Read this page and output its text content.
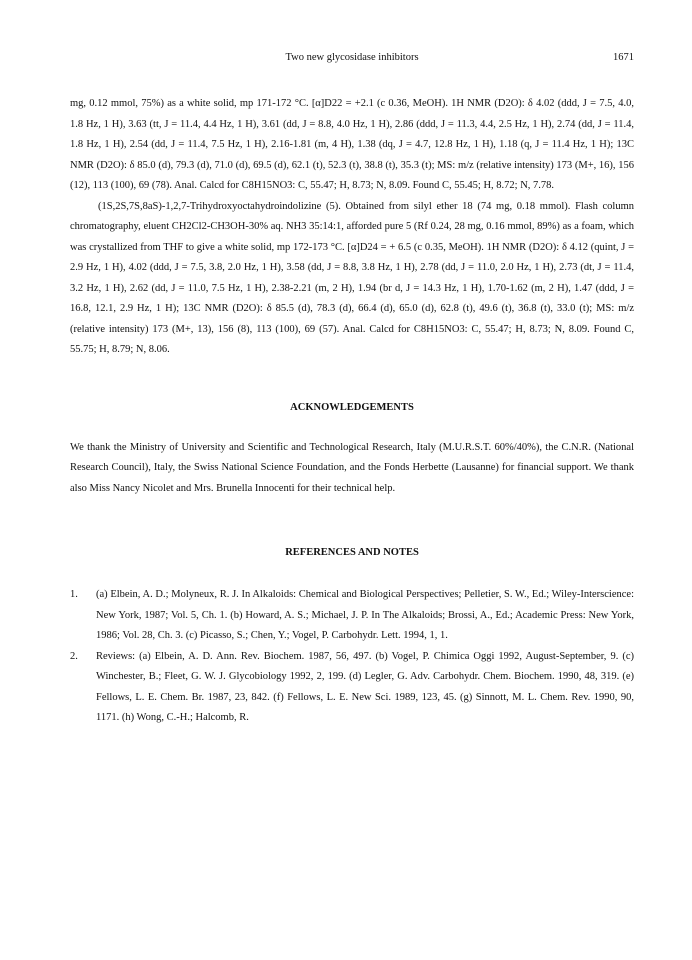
Two new glycosidase inhibitors	1671

mg, 0.12 mmol, 75%) as a white solid, mp 171-172 °C. [α]D22 = +2.1 (c 0.36, MeOH). 1H NMR (D2O): δ 4.02 (ddd, J = 7.5, 4.0, 1.8 Hz, 1 H), 3.63 (tt, J = 11.4, 4.4 Hz, 1 H), 3.61 (dd, J = 8.8, 4.0 Hz, 1 H), 2.86 (ddd, J = 11.3, 4.4, 2.5 Hz, 1 H), 2.74 (dd, J = 11.4, 1.8 Hz, 1 H), 2.54 (dd, J = 11.4, 7.5 Hz, 1 H), 2.16-1.81 (m, 4 H), 1.38 (dq, J = 4.7, 12.8 Hz, 1 H), 1.18 (q, J = 11.4 Hz, 1 H); 13C NMR (D2O): δ 85.0 (d), 79.3 (d), 71.0 (d), 69.5 (d), 62.1 (t), 52.3 (t), 38.8 (t), 35.3 (t); MS: m/z (relative intensity) 173 (M+, 16), 156 (12), 113 (100), 69 (78). Anal. Calcd for C8H15NO3: C, 55.47; H, 8.73; N, 8.09. Found C, 55.45; H, 8.72; N, 7.78.

(1S,2S,7S,8aS)-1,2,7-Trihydroxyoctahydroindolizine (5). Obtained from silyl ether 18 (74 mg, 0.18 mmol). Flash column chromatography, eluent CH2Cl2-CH3OH-30% aq. NH3 35:14:1, afforded pure 5 (Rf 0.24, 28 mg, 0.16 mmol, 89%) as a foam, which was crystallized from THF to give a white solid, mp 172-173 °C. [α]D24 = + 6.5 (c 0.35, MeOH). 1H NMR (D2O): δ 4.12 (quint, J = 2.9 Hz, 1 H), 4.02 (ddd, J = 7.5, 3.8, 2.0 Hz, 1 H), 3.58 (dd, J = 8.8, 3.8 Hz, 1 H), 2.78 (dd, J = 11.0, 2.0 Hz, 1 H), 2.73 (dt, J = 11.4, 3.2 Hz, 1 H), 2.62 (dd, J = 11.0, 7.5 Hz, 1 H), 2.38-2.21 (m, 2 H), 1.94 (br d, J = 14.3 Hz, 1 H), 1.70-1.62 (m, 2 H), 1.47 (ddd, J = 16.8, 12.1, 2.9 Hz, 1 H); 13C NMR (D2O): δ 85.5 (d), 78.3 (d), 66.4 (d), 65.0 (d), 62.8 (t), 49.6 (t), 36.8 (t), 33.0 (t); MS: m/z (relative intensity) 173 (M+, 13), 156 (8), 113 (100), 69 (57). Anal. Calcd for C8H15NO3: C, 55.47; H, 8.73; N, 8.09. Found C, 55.75; H, 8.79; N, 8.06.

ACKNOWLEDGEMENTS

We thank the Ministry of University and Scientific and Technological Research, Italy (M.U.R.S.T. 60%/40%), the C.N.R. (National Research Council), Italy, the Swiss National Science Foundation, and the Fonds Herbette (Lausanne) for financial support. We thank also Miss Nancy Nicolet and Mrs. Brunella Innocenti for their technical help.

REFERENCES AND NOTES
1. (a) Elbein, A. D.; Molyneux, R. J. In Alkaloids: Chemical and Biological Perspectives; Pelletier, S. W., Ed.; Wiley-Interscience: New York, 1987; Vol. 5, Ch. 1. (b) Howard, A. S.; Michael, J. P. In The Alkaloids; Brossi, A., Ed.; Academic Press: New York, 1986; Vol. 28, Ch. 3. (c) Picasso, S.; Chen, Y.; Vogel, P. Carbohydr. Lett. 1994, 1, 1.
2. Reviews: (a) Elbein, A. D. Ann. Rev. Biochem. 1987, 56, 497. (b) Vogel, P. Chimica Oggi 1992, August-September, 9. (c) Winchester, B.; Fleet, G. W. J. Glycobiology 1992, 2, 199. (d) Legler, G. Adv. Carbohydr. Chem. Biochem. 1990, 48, 319. (e) Fellows, L. E. Chem. Br. 1987, 23, 842. (f) Fellows, L. E. New Sci. 1989, 123, 45. (g) Sinnott, M. L. Chem. Rev. 1990, 90, 1171. (h) Wong, C.-H.; Halcomb, R.
